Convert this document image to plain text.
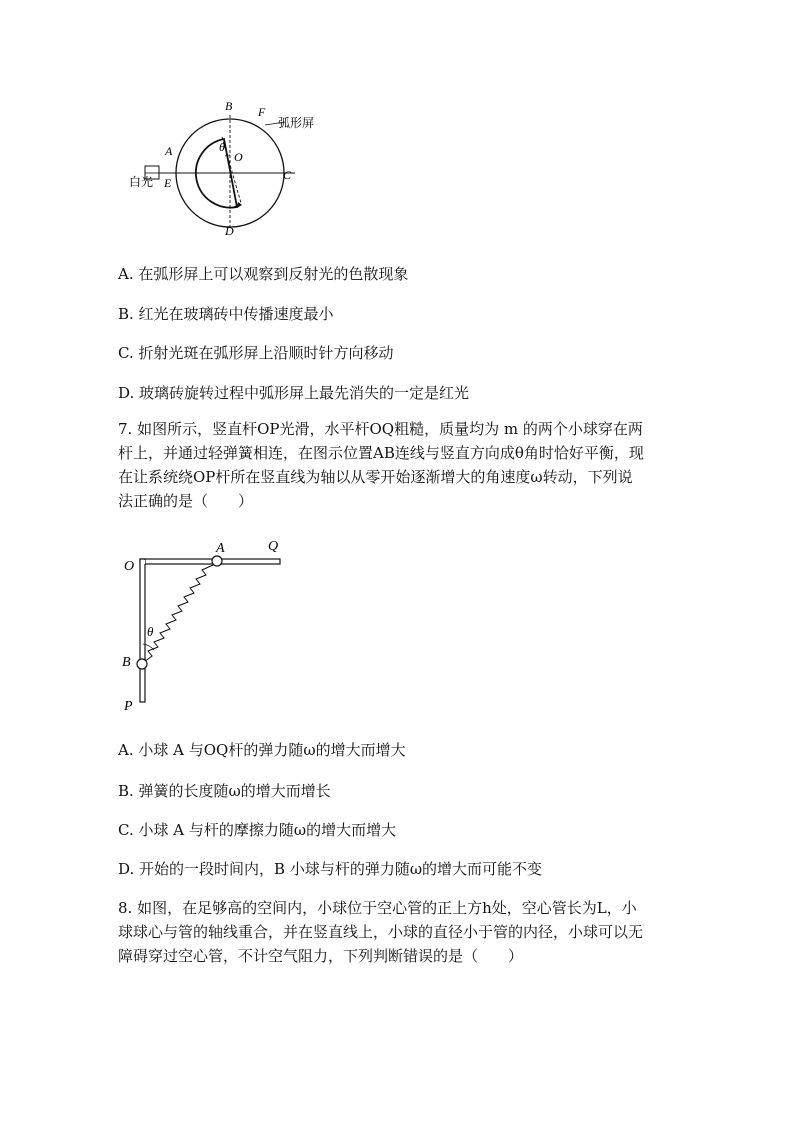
B F
弧形屏
A	θ
O
白光 E
C
D
A. 在弧形屏上可以观察到反射光的色散现象
B. 红光在玻璃砖中传播速度最小
C. 折射光斑在弧形屏上沿顺时针方向移动
D. 玻璃砖旋转过程中弧形屏上最先消失的一定是红光
7. 如图所示，竖直杆OP光滑，水平杆OQ粗糙，质量均为 m 的两个小球穿在两
杆上，并通过轻弹簧相连，在图示位置AB连线与竖直方向成θ角时恰好平衡，现
在让系统绕OP杆所在竖直线为轴以从零开始逐渐增大的角速度ω转动，下列说
法正确的是（　　）
O
A	Q
θ
B
P
A. 小球 A 与OQ杆的弹力随ω的增大而增大
B. 弹簧的长度随ω的增大而增长
C. 小球 A 与杆的摩擦力随ω的增大而增大
D. 开始的一段时间内，B 小球与杆的弹力随ω的增大而可能不变
8. 如图，在足够高的空间内，小球位于空心管的正上方h处，空心管长为L，小
球球心与管的轴线重合，并在竖直线上，小球的直径小于管的内径，小球可以无
障碍穿过空心管，不计空气阻力，下列判断错误的是（　　）
